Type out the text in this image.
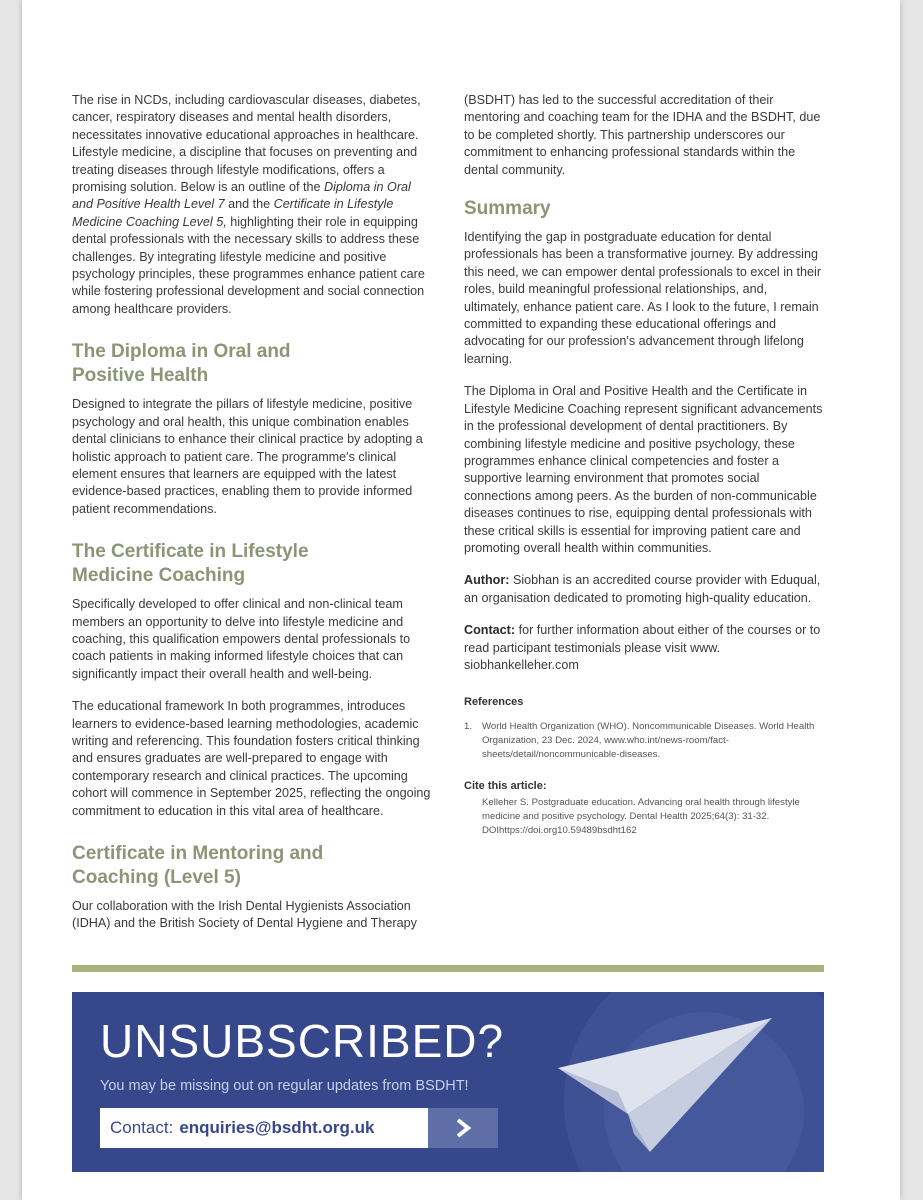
The rise in NCDs, including cardiovascular diseases, diabetes, cancer, respiratory diseases and mental health disorders, necessitates innovative educational approaches in healthcare. Lifestyle medicine, a discipline that focuses on preventing and treating diseases through lifestyle modifications, offers a promising solution. Below is an outline of the Diploma in Oral and Positive Health Level 7 and the Certificate in Lifestyle Medicine Coaching Level 5, highlighting their role in equipping dental professionals with the necessary skills to address these challenges. By integrating lifestyle medicine and positive psychology principles, these programmes enhance patient care while fostering professional development and social connection among healthcare providers.

The Diploma in Oral and
Positive Health

Designed to integrate the pillars of lifestyle medicine, positive psychology and oral health, this unique combination enables dental clinicians to enhance their clinical practice by adopting a holistic approach to patient care. The programme's clinical element ensures that learners are equipped with the latest evidence-based practices, enabling them to provide informed patient recommendations.

The Certificate in Lifestyle
Medicine Coaching

Specifically developed to offer clinical and non-clinical team members an opportunity to delve into lifestyle medicine and coaching, this qualification empowers dental professionals to coach patients in making informed lifestyle choices that can significantly impact their overall health and well-being.

The educational framework In both programmes, introduces learners to evidence-based learning methodologies, academic writing and referencing. This foundation fosters critical thinking and ensures graduates are well-prepared to engage with contemporary research and clinical practices. The upcoming cohort will commence in September 2025, reflecting the ongoing commitment to education in this vital area of healthcare.

Certificate in Mentoring and
Coaching (Level 5)

Our collaboration with the Irish Dental Hygienists Association (IDHA) and the British Society of Dental Hygiene and Therapy

(BSDHT) has led to the successful accreditation of their mentoring and coaching team for the IDHA and the BSDHT, due to be completed shortly. This partnership underscores our commitment to enhancing professional standards within the dental community.

Summary

Identifying the gap in postgraduate education for dental professionals has been a transformative journey. By addressing this need, we can empower dental professionals to excel in their roles, build meaningful professional relationships, and, ultimately, enhance patient care. As I look to the future, I remain committed to expanding these educational offerings and advocating for our profession's advancement through lifelong learning.

The Diploma in Oral and Positive Health and the Certificate in Lifestyle Medicine Coaching represent significant advancements in the professional development of dental practitioners. By combining lifestyle medicine and positive psychology, these programmes enhance clinical competencies and foster a supportive learning environment that promotes social connections among peers. As the burden of non-communicable diseases continues to rise, equipping dental professionals with these critical skills is essential for improving patient care and promoting overall health within communities.

Author: Siobhan is an accredited course provider with Eduqual, an organisation dedicated to promoting high-quality education.

Contact: for further information about either of the courses or to read participant testimonials please visit www. siobhankelleher.com

References
1.	World Health Organization (WHO). Noncommunicable Diseases. World Health Organization, 23 Dec. 2024, www.who.int/news-room/fact-sheets/detail/noncommunicable-diseases.
Cite this article:
Kelleher S. Postgraduate education. Advancing oral health through lifestyle medicine and positive psychology. Dental Health 2025;64(3): 31-32. DOIhttps://doi.org10.59489bsdht162
UNSUBSCRIBED?
You may be missing out on regular updates from BSDHT!
Contact: enquiries@bsdht.org.uk
